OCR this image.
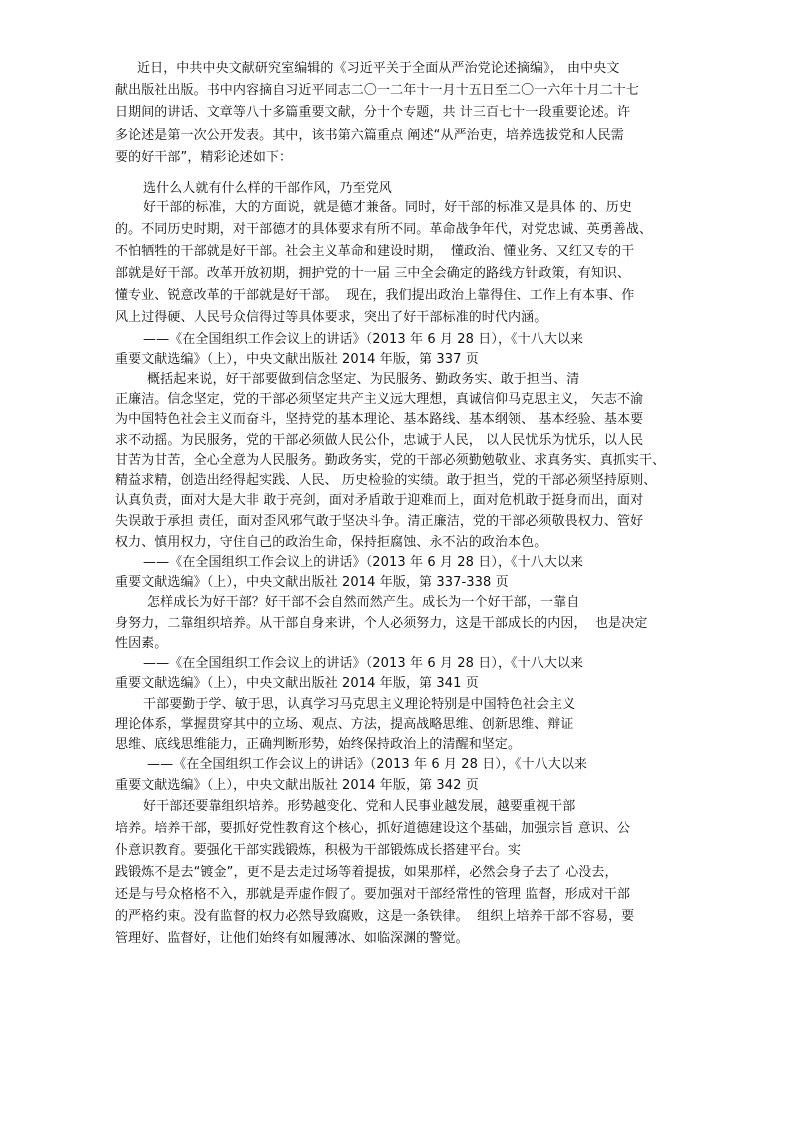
近日，中共中央文献研究室编辑的《习近平关于全面从严治党论述摘编》， 由中央文
献出版社出版。书中内容摘自习近平同志二〇一二年十一月十五日至二〇一六年十月二十七
日期间的讲话、文章等八十多篇重要文献，分十个专题，共 计三百七十一段重要论述。许
多论述是第一次公开发表。其中，该书第六篇重点 阐述“从严治吏，培养选拔党和人民需
要的好干部”，精彩论述如下：
选什么人就有什么样的干部作风，乃至党风
好干部的标准，大的方面说，就是德才兼备。同时，好干部的标准又是具体 的、历史
的。不同历史时期，对干部德才的具体要求有所不同。革命战争年代，对党忠诚、英勇善战、
不怕牺牲的干部就是好干部。社会主义革命和建设时期，  懂政治、懂业务、又红又专的干
部就是好干部。改革开放初期，拥护党的十一届 三中全会确定的路线方针政策，有知识、
懂专业、锐意改革的干部就是好干部。  现在，我们提出政治上靠得住、工作上有本事、作
风上过得硬、人民号众信得过等具体要求，突出了好干部标准的时代内涵。
——《在全国组织工作会议上的讲话》（2013 年 6 月 28 日），《十八大以来
重要文献选编》（上），中央文献出版社 2014 年版，第 337 页
概括起来说，好干部要做到信念坚定、为民服务、勤政务实、敢于担当、清
正廉洁。信念坚定，党的干部必须坚定共产主义远大理想，真诚信仰马克思主义， 矢志不渝
为中国特色社会主义而奋斗，坚持党的基本理论、基本路线、基本纲领、 基本经验、基本要
求不动摇。为民服务，党的干部必须做人民公仆，忠诚于人民， 以人民忧乐为忧乐，以人民
甘苦为甘苦，全心全意为人民服务。勤政务实，党的干部必须勤勉敬业、求真务实、真抓实干、
精益求精，创造出经得起实践、人民、 历史检验的实绩。敢于担当，党的干部必须坚持原则、
认真负责，面对大是大非 敢于亮剑，面对矛盾敢于迎难而上，面对危机敢于挺身而出，面对
失误敢于承担 责任，面对歪风邪气敢于坚决斗争。清正廉洁，党的干部必须敬畏权力、管好
权力、慎用权力，守住自己的政治生命，保持拒腐蚀、永不沾的政治本色。
——《在全国组织工作会议上的讲话》（2013 年 6 月 28 日），《十八大以来
重要文献选编》（上），中央文献出版社 2014 年版，第 337-338 页
怎样成长为好干部？好干部不会自然而然产生。成长为一个好干部，一靠自
身努力，二靠组织培养。从干部自身来讲，个人必须努力，这是干部成长的内因，  也是决定
性因素。
——《在全国组织工作会议上的讲话》（2013 年 6 月 28 日），《十八大以来
重要文献选编》（上），中央文献出版社 2014 年版，第 341 页
干部要勤于学、敏于思，认真学习马克思主义理论特别是中国特色社会主义
理论体系，掌握贯穿其中的立场、观点、方法，提高战略思维、创新思维、辩证
思维、底线思维能力，正确判断形势，始终保持政治上的清醒和坚定。
——《在全国组织工作会议上的讲话》（2013 年 6 月 28 日），《十八大以来
重要文献选编》（上），中央文献出版社 2014 年版，第 342 页
好干部还要靠组织培养。形势越变化、党和人民事业越发展，越要重视干部
培养。培养干部，要抓好党性教育这个核心，抓好道德建设这个基础，加强宗旨 意识、公
仆意识教育。要强化干部实践锻炼，积极为干部锻炼成长搭建平台。实
践锻炼不是去“镀金”，更不是去走过场等着提拔，如果那样，必然会身子去了 心没去，
还是与号众格格不入，那就是弄虚作假了。要加强对干部经常性的管理 监督，形成对干部
的严格约束。没有监督的权力必然导致腐败，这是一条铁律。  组织上培养干部不容易，要
管理好、监督好，让他们始终有如履薄冰、如临深渊的警觉。
